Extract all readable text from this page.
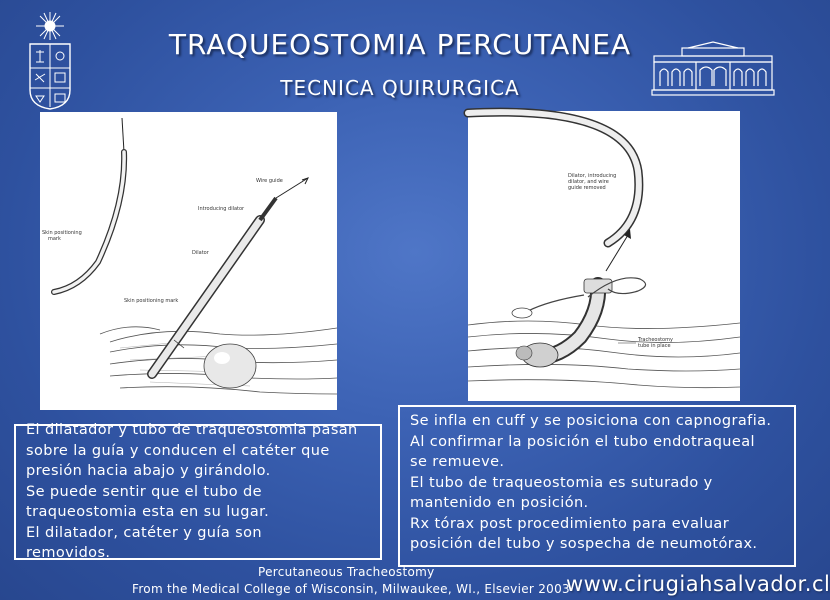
TRAQUEOSTOMIA PERCUTANEA
TECNICA QUIRURGICA
Wire guide
Introducing dilator
Skin positioning
mark
Dilator
Skin positioning mark
Dilator, introducing
dilator, and wire
guide removed
Tracheostomy
tube in place
El dilatador y tubo de traqueostomia pasan
sobre la guía y conducen el catéter que
presión hacia abajo y girándolo.
Se puede sentir que el tubo de
traqueostomia esta en su lugar.
El dilatador, catéter y guía son
removidos.
Se infla en cuff y se posiciona con capnografia.
Al confirmar la posición el tubo endotraqueal
se remueve.
El tubo de traqueostomia es suturado y
mantenido en posición.
Rx tórax post procedimiento para evaluar
posición del tubo y sospecha de neumotórax.
Percutaneous Tracheostomy
From the Medical College of Wisconsin, Milwaukee, WI., Elsevier 2003
www.cirugiahsalvador.cl
